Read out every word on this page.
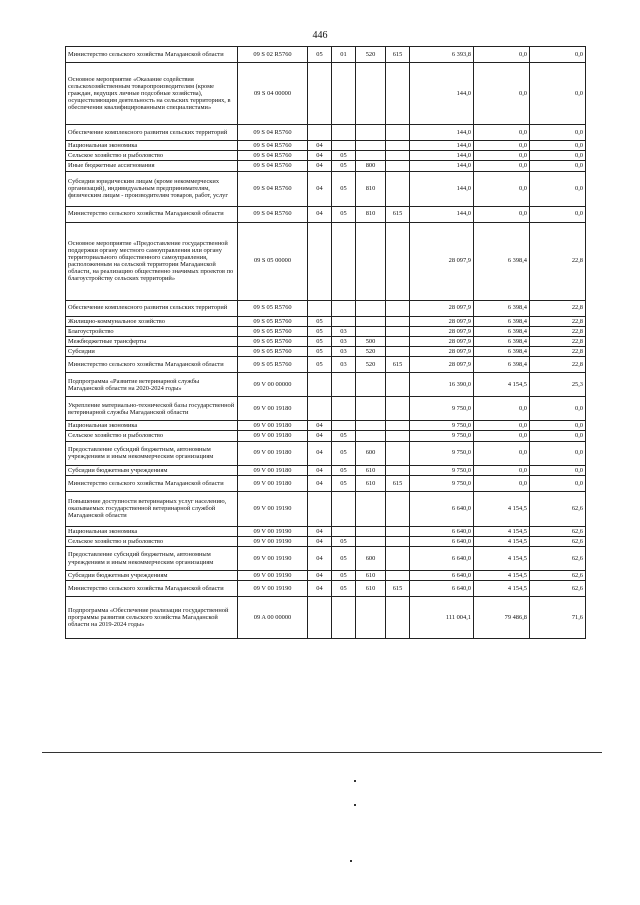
446
Министерство сельского хозяйства Магаданской области	09 S 02 R5760	05	01	520	615	6 393,8	0,0	0,0
Основное мероприятие «Оказание содействия сельскохозяйственным товаропроизводителям (кроме граждан, ведущих личные подсобные хозяйства), осуществляющим деятельность на сельских территориях, в обеспечении квалифицированными специалистами»	09 S 04 00000					144,0	0,0	0,0
Обеспечение комплексного развития сельских территорий	09 S 04 R5760					144,0	0,0	0,0
Национальная экономика	09 S 04 R5760	04				144,0	0,0	0,0
Сельское хозяйство и рыболовство	09 S 04 R5760	04	05			144,0	0,0	0,0
Иные бюджетные ассигнования	09 S 04 R5760	04	05	800		144,0	0,0	0,0
Субсидии юридическим лицам (кроме некоммерческих организаций), индивидуальным предпринимателям, физическим лицам - производителям товаров, работ, услуг	09 S 04 R5760	04	05	810		144,0	0,0	0,0
Министерство сельского хозяйства Магаданской области	09 S 04 R5760	04	05	810	615	144,0	0,0	0,0
Основное мероприятие «Предоставление государственной поддержки органу местного самоуправления или органу территориального общественного самоуправления, расположенным на сельской территории Магаданской области, на реализацию общественно значимых проектов по благоустройству сельских территорий»	09 S 05 00000					28 097,9	6 398,4	22,8
Обеспечение комплексного развития сельских территорий	09 S 05 R5760					28 097,9	6 398,4	22,8
Жилищно-коммунальное хозяйство	09 S 05 R5760	05				28 097,9	6 398,4	22,8
Благоустройство	09 S 05 R5760	05	03			28 097,9	6 398,4	22,8
Межбюджетные трансферты	09 S 05 R5760	05	03	500		28 097,9	6 398,4	22,8
Субсидии	09 S 05 R5760	05	03	520		28 097,9	6 398,4	22,8
Министерство сельского хозяйства Магаданской области	09 S 05 R5760	05	03	520	615	28 097,9	6 398,4	22,8
Подпрограмма «Развитие ветеринарной службы Магаданской области на 2020-2024 годы»	09 V 00 00000					16 390,0	4 154,5	25,3
Укрепление материально-технической базы государственной ветеринарной службы Магаданской области	09 V 00 19180					9 750,0	0,0	0,0
Национальная экономика	09 V 00 19180	04				9 750,0	0,0	0,0
Сельское хозяйство и рыболовство	09 V 00 19180	04	05			9 750,0	0,0	0,0
Предоставление субсидий бюджетным, автономным учреждениям и иным некоммерческим организациям	09 V 00 19180	04	05	600		9 750,0	0,0	0,0
Субсидии бюджетным учреждениям	09 V 00 19180	04	05	610		9 750,0	0,0	0,0
Министерство сельского хозяйства Магаданской области	09 V 00 19180	04	05	610	615	9 750,0	0,0	0,0
Повышение доступности ветеринарных услуг населению, оказываемых государственной ветеринарной службой Магаданской области	09 V 00 19190					6 640,0	4 154,5	62,6
Национальная экономика	09 V 00 19190	04				6 640,0	4 154,5	62,6
Сельское хозяйство и рыболовство	09 V 00 19190	04	05			6 640,0	4 154,5	62,6
Предоставление субсидий бюджетным, автономным учреждениям и иным некоммерческим организациям	09 V 00 19190	04	05	600		6 640,0	4 154,5	62,6
Субсидии бюджетным учреждениям	09 V 00 19190	04	05	610		6 640,0	4 154,5	62,6
Министерство сельского хозяйства Магаданской области	09 V 00 19190	04	05	610	615	6 640,0	4 154,5	62,6
Подпрограмма «Обеспечение реализации государственной программы развития сельского хозяйства Магаданской области на 2019-2024 годы»	09 A 00 00000					111 004,1	79 486,8	71,6
